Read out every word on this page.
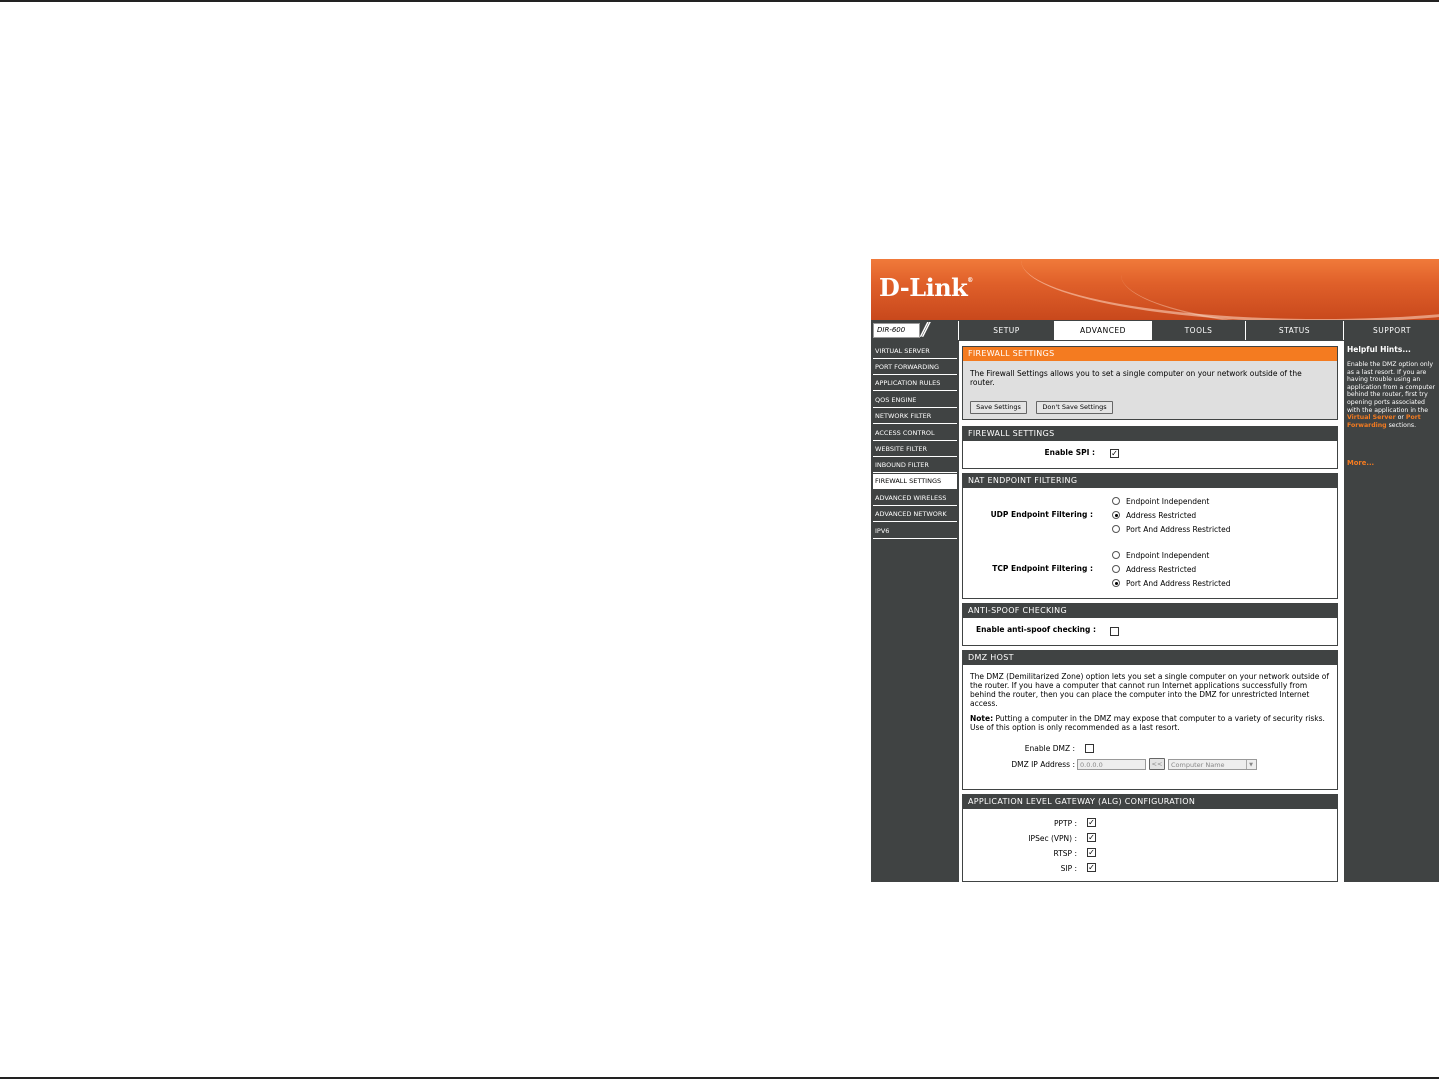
D-Link®
DIR-600 //	SETUP	ADVANCED	TOOLS	STATUS	SUPPORT
VIRTUAL SERVER
PORT FORWARDING
APPLICATION RULES
QOS ENGINE
NETWORK FILTER
ACCESS CONTROL
WEBSITE FILTER
INBOUND FILTER
FIREWALL SETTINGS
ADVANCED WIRELESS
ADVANCED NETWORK
IPV6
FIREWALL SETTINGS
The Firewall Settings allows you to set a single computer on your network outside of the router.
Save Settings	Don't Save Settings
FIREWALL SETTINGS
Enable SPI : ✓
NAT ENDPOINT FILTERING
UDP Endpoint Filtering :
Endpoint Independent
Address Restricted
Port And Address Restricted
TCP Endpoint Filtering :
Endpoint Independent
Address Restricted
Port And Address Restricted
ANTI-SPOOF CHECKING
Enable anti-spoof checking :
DMZ HOST
The DMZ (Demilitarized Zone) option lets you set a single computer on your network outside of the router. If you have a computer that cannot run Internet applications successfully from behind the router, then you can place the computer into the DMZ for unrestricted Internet access.
Note: Putting a computer in the DMZ may expose that computer to a variety of security risks. Use of this option is only recommended as a last resort.
Enable DMZ :
DMZ IP Address : 0.0.0.0	<<	Computer Name	▼
APPLICATION LEVEL GATEWAY (ALG) CONFIGURATION
PPTP : ✓
IPSec (VPN) : ✓
RTSP : ✓
SIP : ✓
Helpful Hints...
Enable the DMZ option only as a last resort. If you are having trouble using an application from a computer behind the router, first try opening ports associated with the application in the Virtual Server or Port Forwarding sections.
More...
